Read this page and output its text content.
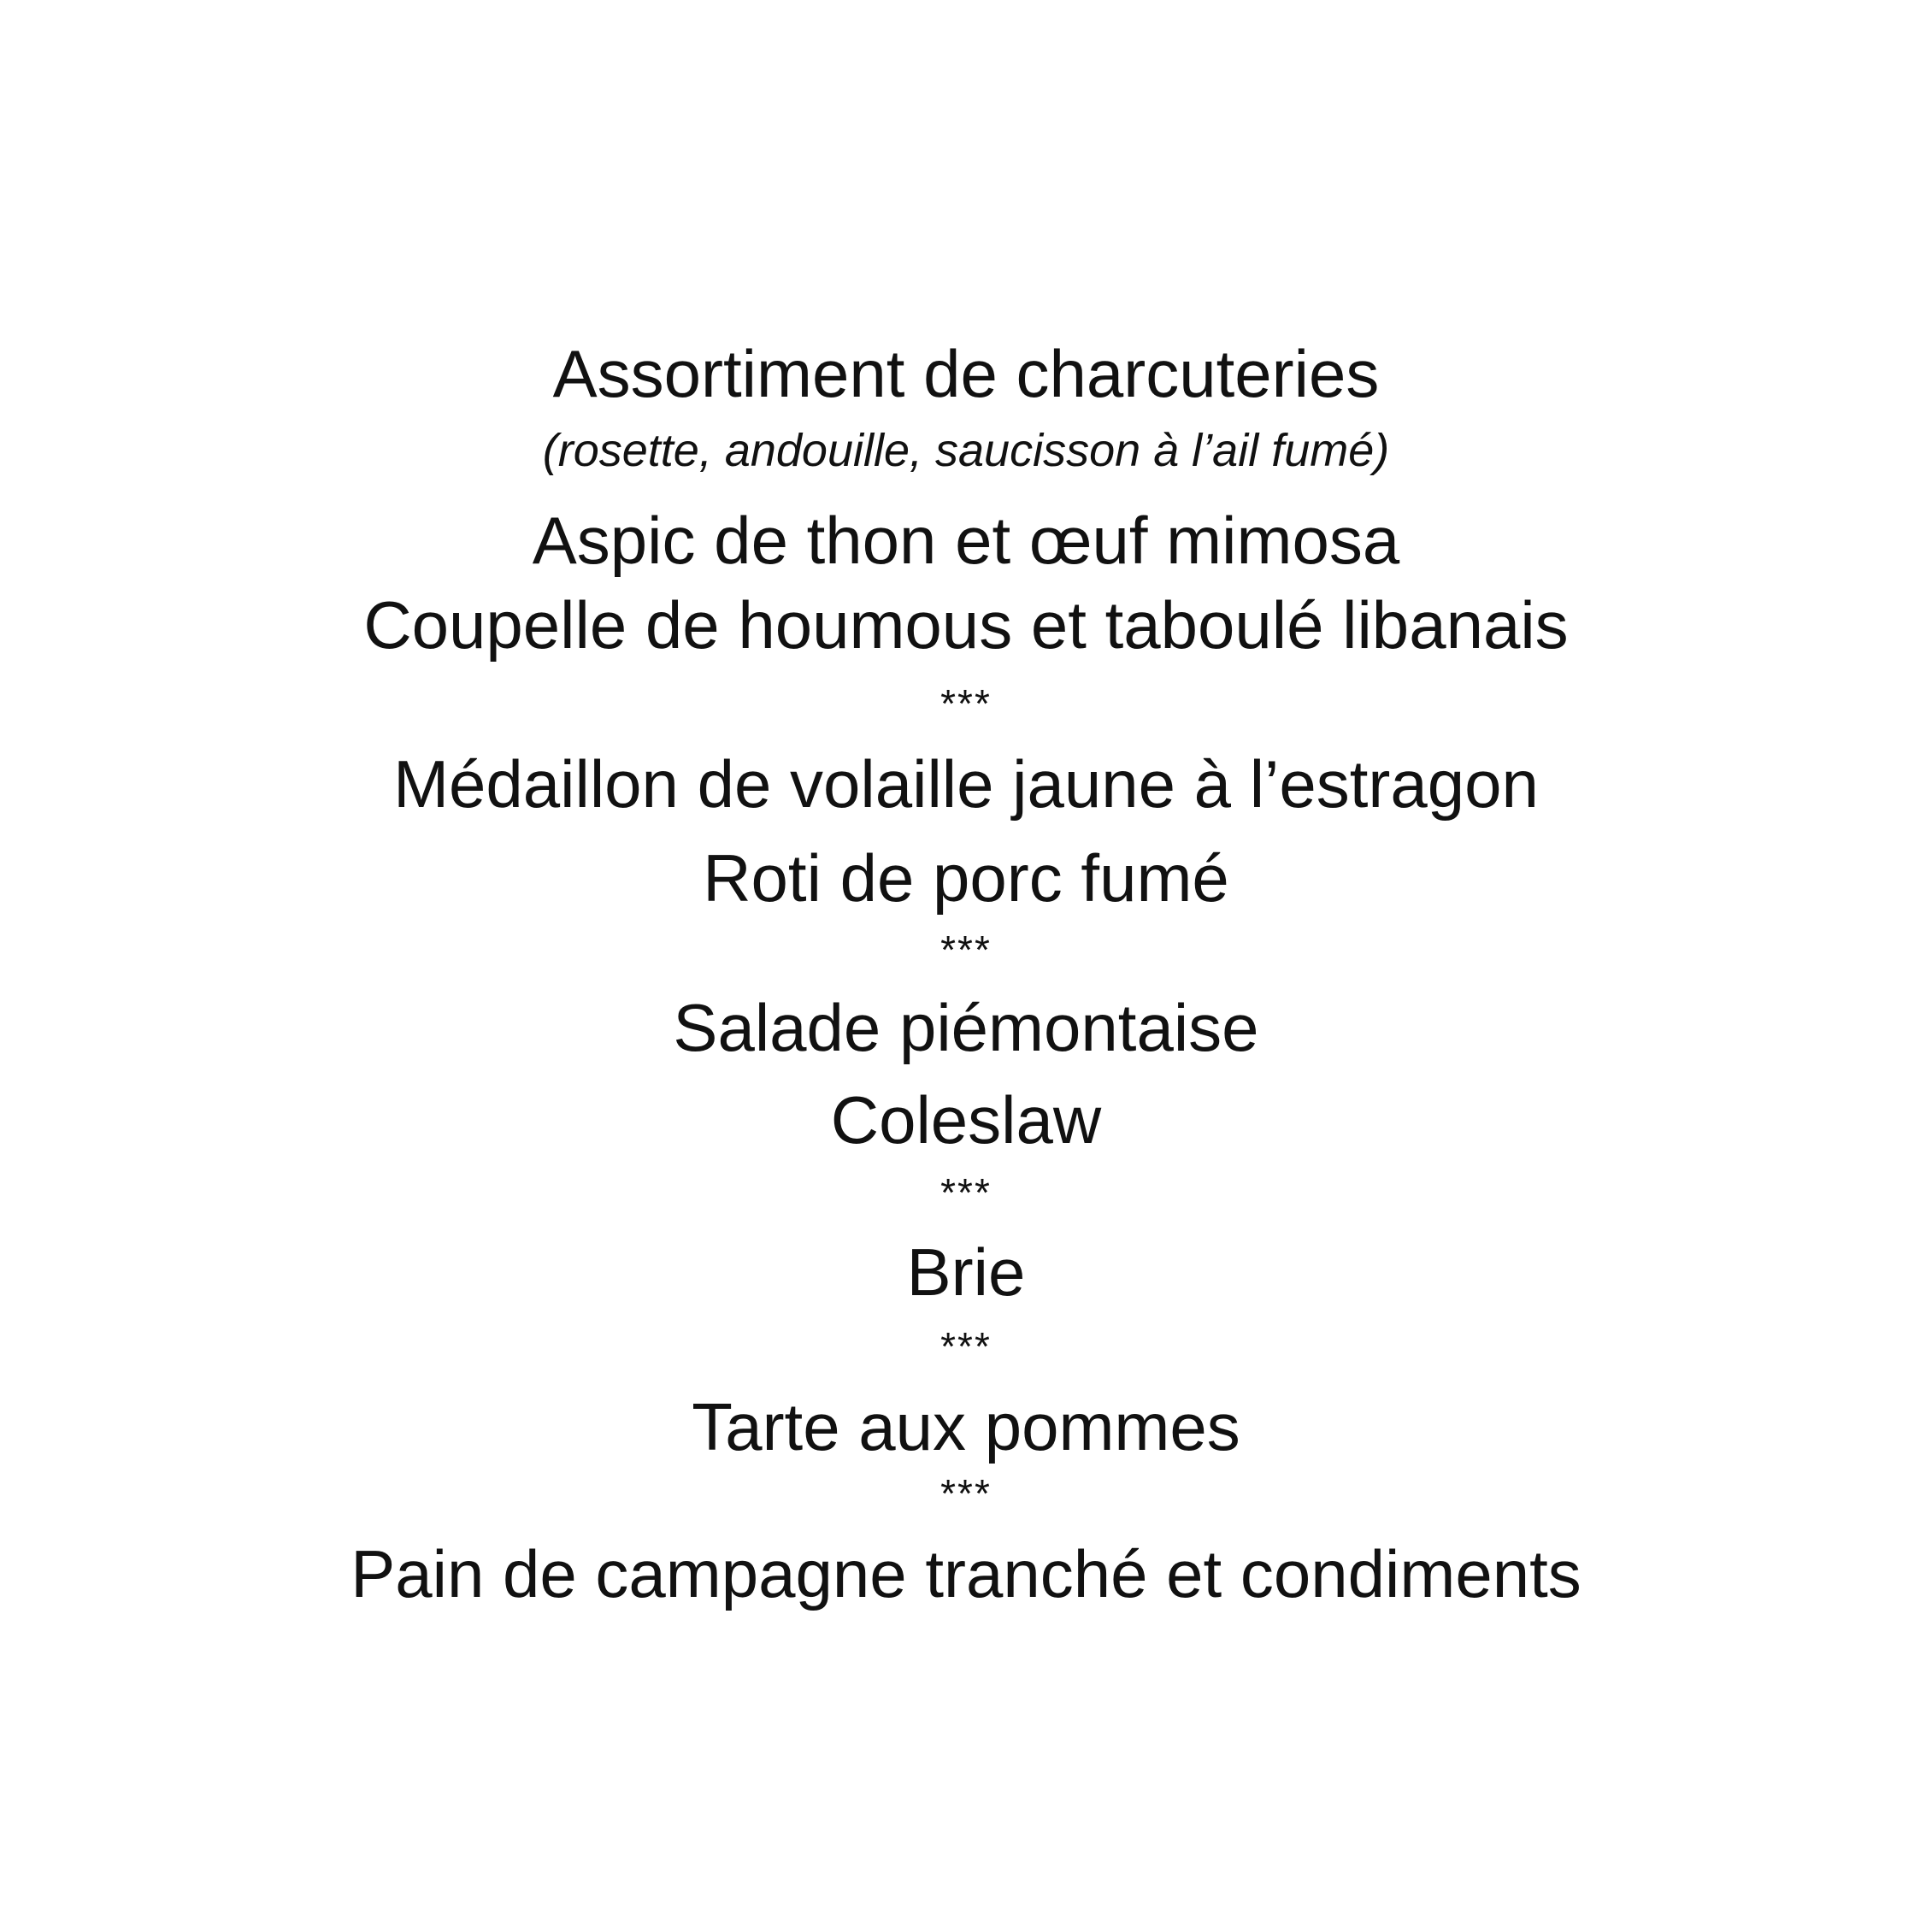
Assortiment de charcuteries
(rosette, andouille, saucisson à l’ail fumé)
Aspic de thon et œuf mimosa
Coupelle de houmous et taboulé libanais
***
Médaillon de volaille jaune à l’estragon
Roti de porc fumé
***
Salade piémontaise
Coleslaw
***
Brie
***
Tarte aux pommes
***
Pain de campagne tranché et condiments
